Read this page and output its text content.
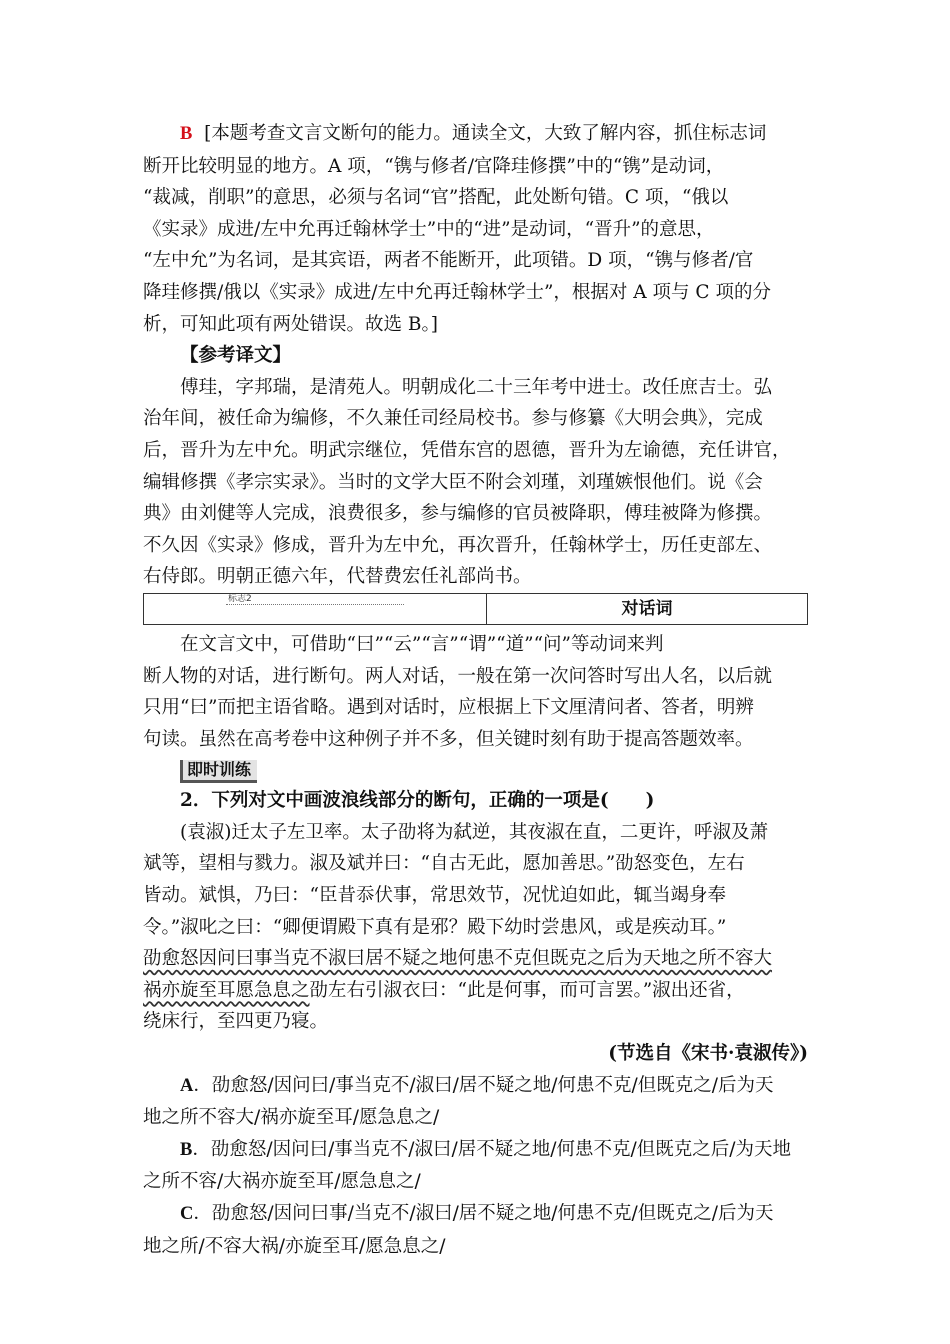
B [本题考查文言文断句的能力。通读全文，大致了解内容，抓住标志词

断开比较明显的地方。A 项，“镌与修者/官降珪修撰”中的“镌”是动词，

“裁减，削职”的意思，必须与名词“官”搭配，此处断句错。C 项，“俄以

《实录》成进/左中允再迁翰林学士”中的“进”是动词，“晋升”的意思，

“左中允”为名词，是其宾语，两者不能断开，此项错。D 项，“镌与修者/官

降珪修撰/俄以《实录》成进/左中允再迁翰林学士”，根据对 A 项与 C 项的分

析，可知此项有两处错误。故选 B。]

【参考译文】

傅珪，字邦瑞，是清苑人。明朝成化二十三年考中进士。改任庶吉士。弘

治年间，被任命为编修，不久兼任司经局校书。参与修纂《大明会典》，完成

后，晋升为左中允。明武宗继位，凭借东宫的恩德，晋升为左谕德，充任讲官，

编辑修撰《孝宗实录》。当时的文学大臣不附会刘瑾，刘瑾嫉恨他们。说《会

典》由刘健等人完成，浪费很多，参与编修的官员被降职，傅珪被降为修撰。

不久因《实录》修成，晋升为左中允，再次晋升，任翰林学士，历任吏部左、

右侍郎。明朝正德六年，代替费宏任礼部尚书。

标志2	对话词

在文言文中，可借助“曰”“云”“言”“谓”“道”“问”等动词来判

断人物的对话，进行断句。两人对话，一般在第一次问答时写出人名，以后就

只用“曰”而把主语省略。遇到对话时，应根据上下文厘清问者、答者，明辨

句读。虽然在高考卷中这种例子并不多，但关键时刻有助于提高答题效率。

即时训练

2．下列对文中画波浪线部分的断句，正确的一项是(　　)

(袁淑)迁太子左卫率。太子劭将为弑逆，其夜淑在直，二更许，呼淑及萧

斌等，望相与戮力。淑及斌并曰：“自古无此，愿加善思。”劭怒变色，左右

皆动。斌惧，乃曰：“臣昔忝伏事，常思效节，况忧迫如此，辄当竭身奉

令。”淑叱之曰：“卿便谓殿下真有是邪？殿下幼时尝患风，或是疾动耳。”

劭愈怒因问曰事当克不淑曰居不疑之地何患不克但既克之后为天地之所不容大

祸亦旋至耳愿急息之劭左右引淑衣曰：“此是何事，而可言罢。”淑出还省，

绕床行，至四更乃寝。

(节选自《宋书·袁淑传》)

A．劭愈怒/因问曰/事当克不/淑曰/居不疑之地/何患不克/但既克之/后为天

地之所不容大/祸亦旋至耳/愿急息之/

B．劭愈怒/因问曰/事当克不/淑曰/居不疑之地/何患不克/但既克之后/为天地

之所不容/大祸亦旋至耳/愿急息之/

C．劭愈怒/因问曰事/当克不/淑曰/居不疑之地/何患不克/但既克之/后为天

地之所/不容大祸/亦旋至耳/愿急息之/
